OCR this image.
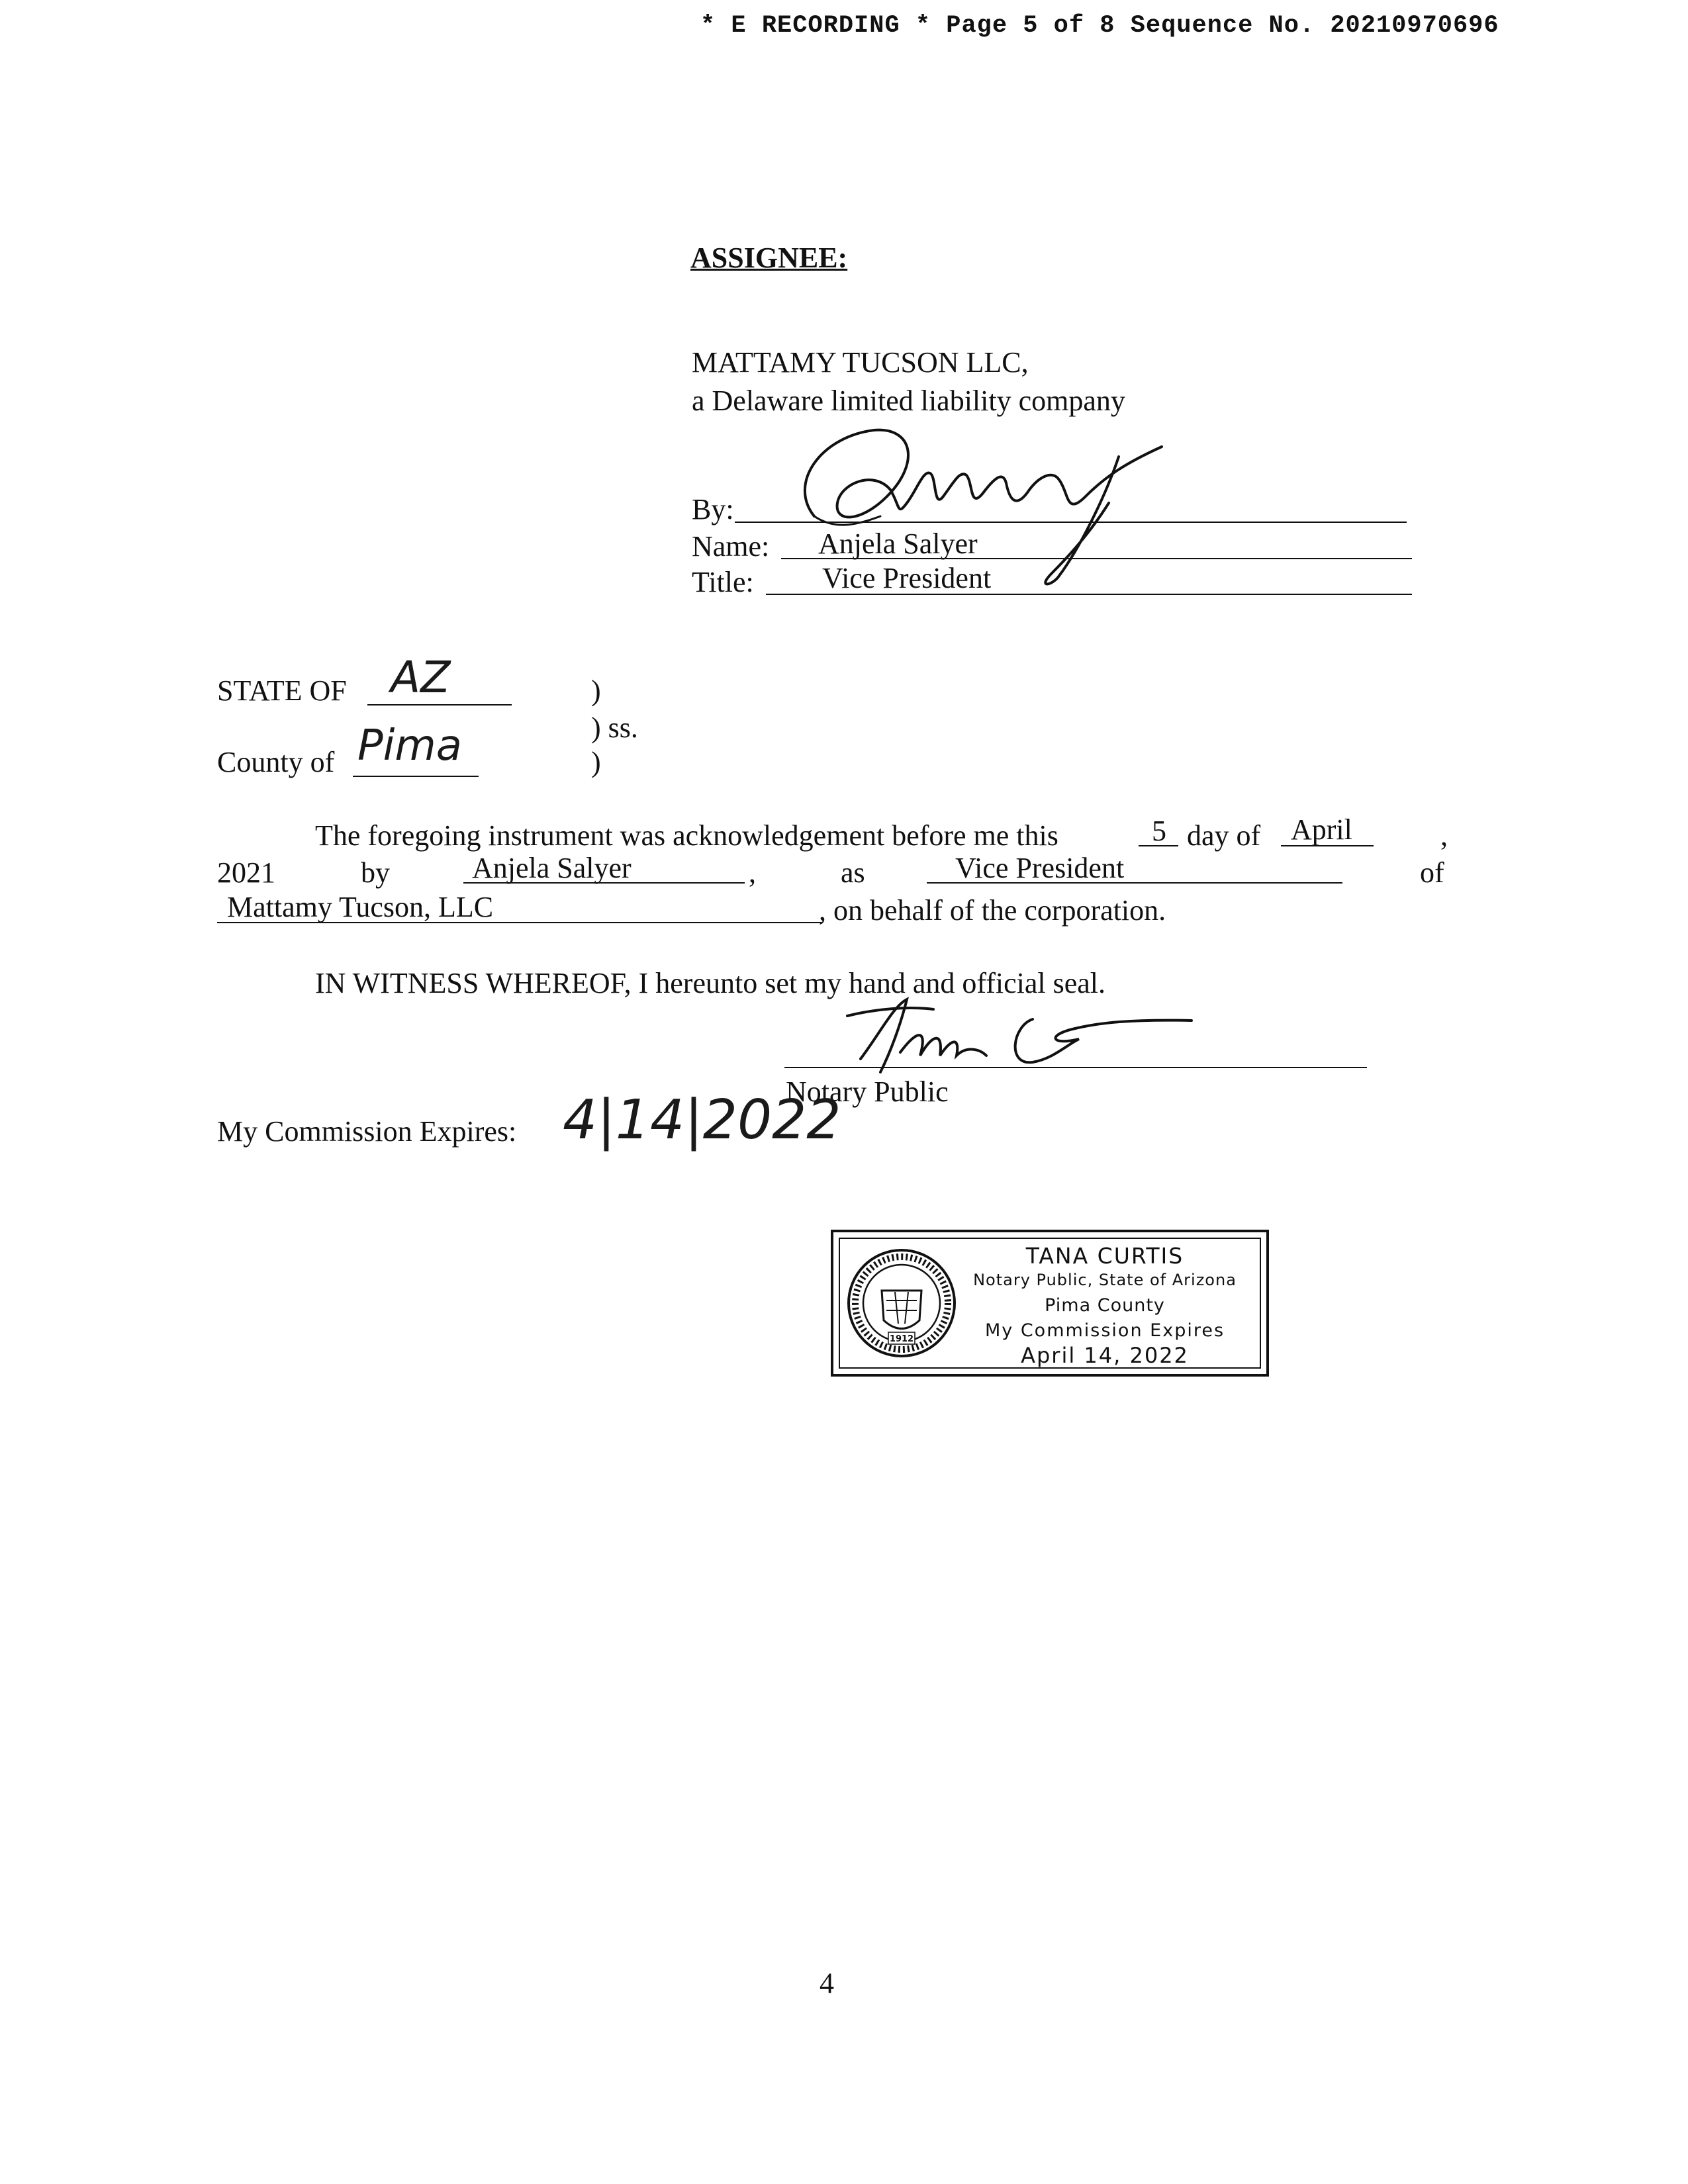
* E RECORDING * Page 5 of 8 Sequence No. 20210970696
ASSIGNEE:
MATTAMY TUCSON LLC,
a Delaware limited liability company
By:
Name: Anjela Salyer
Title: Vice President
STATE OF AZ	)
) ss.
County of Pima	)
The foregoing instrument was acknowledgement before me this	5 day of April	,
2021	by	Anjela Salyer	,	as	Vice President	of
Mattamy Tucson, LLC	, on behalf of the corporation.
IN WITNESS WHEREOF, I hereunto set my hand and official seal.
Notary Public
My Commission Expires: 4|14|2022
1912
TANA CURTIS
Notary Public, State of Arizona
Pima County
My Commission Expires
April 14, 2022
4
